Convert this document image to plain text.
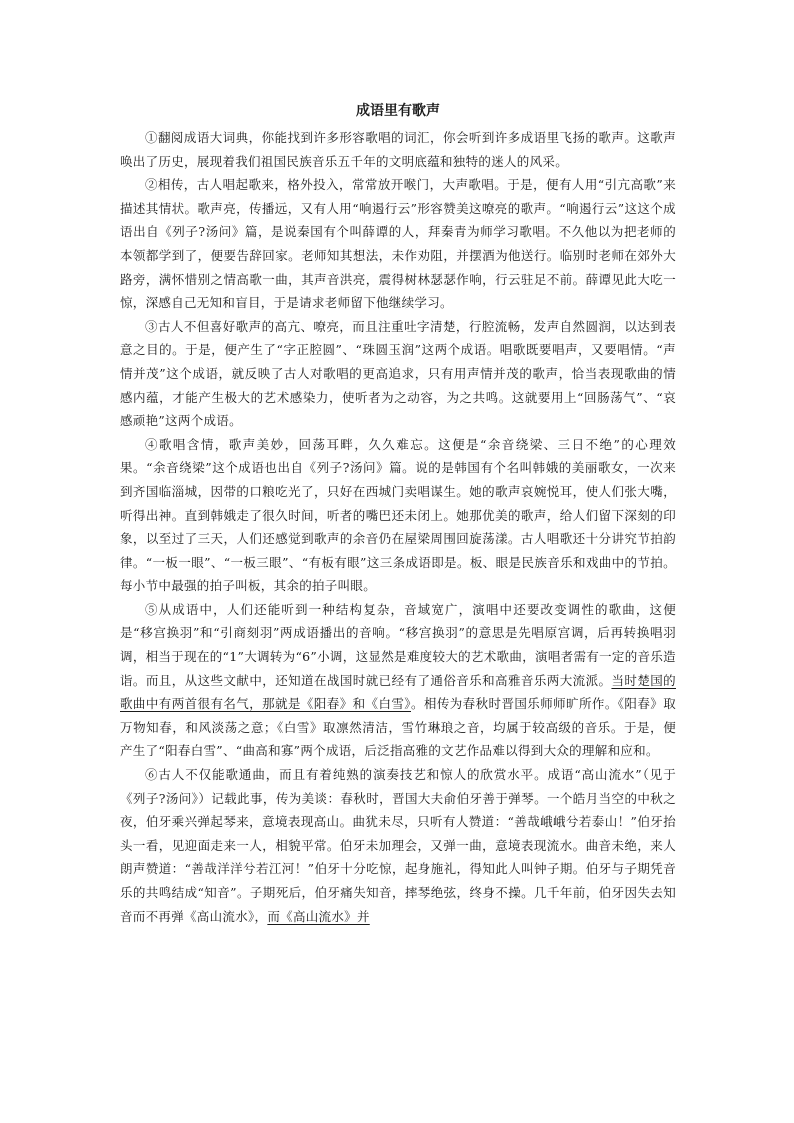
成语里有歌声

①翻阅成语大词典，你能找到许多形容歌唱的词汇，你会听到许多成语里飞扬的歌声。这歌声唤出了历史，展现着我们祖国民族音乐五千年的文明底蕴和独特的迷人的风采。

②相传，古人唱起歌来，格外投入，常常放开喉门，大声歌唱。于是，便有人用“引亢高歌”来描述其情状。歌声亮，传播远，又有人用“响遏行云”形容赞美这嘹亮的歌声。“响遏行云”这这个成语出自《列子?汤问》篇，是说秦国有个叫薛谭的人，拜秦青为师学习歌唱。不久他以为把老师的本领都学到了，便要告辞回家。老师知其想法，未作劝阻，并摆酒为他送行。临别时老师在郊外大路旁，满怀惜别之情高歌一曲，其声音洪亮，震得树林瑟瑟作响，行云驻足不前。薛谭见此大吃一惊，深感自己无知和盲目，于是请求老师留下他继续学习。

③古人不但喜好歌声的高亢、嘹亮，而且注重吐字清楚，行腔流畅，发声自然圆润，以达到表意之目的。于是，便产生了“字正腔圆”、“珠圆玉润”这两个成语。唱歌既要唱声，又要唱情。“声情并茂”这个成语，就反映了古人对歌唱的更高追求，只有用声情并茂的歌声，恰当表现歌曲的情感内蕴，才能产生极大的艺术感染力，使听者为之动容，为之共鸣。这就要用上“回肠荡气”、“哀感顽艳”这两个成语。

④歌唱含情，歌声美妙，回荡耳畔，久久难忘。这便是“余音绕梁、三日不绝”的心理效果。“余音绕梁”这个成语也出自《列子?汤问》篇。说的是韩国有个名叫韩娥的美丽歌女，一次来到齐国临淄城，因带的口粮吃光了，只好在西城门卖唱谋生。她的歌声哀婉悦耳，使人们张大嘴，听得出神。直到韩娥走了很久时间，听者的嘴巴还未闭上。她那优美的歌声，给人们留下深刻的印象，以至过了三天，人们还感觉到歌声的余音仍在屋梁周围回旋荡漾。古人唱歌还十分讲究节拍韵律。“一板一眼”、“一板三眼”、“有板有眼”这三条成语即是。板、眼是民族音乐和戏曲中的节拍。每小节中最强的拍子叫板，其余的拍子叫眼。

⑤从成语中，人们还能听到一种结构复杂，音域宽广，演唱中还要改变调性的歌曲，这便是“移宫换羽”和“引商刻羽”两成语播出的音响。“移宫换羽”的意思是先唱原宫调，后再转换唱羽调，相当于现在的“1”大调转为“6”小调，这显然是难度较大的艺术歌曲，演唱者需有一定的音乐造诣。而且，从这些文献中，还知道在战国时就已经有了通俗音乐和高雅音乐两大流派。当时楚国的歌曲中有两首很有名气，那就是《阳春》和《白雪》。相传为春秋时晋国乐师师旷所作。《阳春》取万物知春，和风淡荡之意；《白雪》取凛然清洁，雪竹琳琅之音，均属于较高级的音乐。于是，便产生了“阳春白雪”、“曲高和寡”两个成语，后泛指高雅的文艺作品难以得到大众的理解和应和。

⑥古人不仅能歌通曲，而且有着纯熟的演奏技艺和惊人的欣赏水平。成语“高山流水”（见于《列子?汤问》）记载此事，传为美谈：春秋时，晋国大夫俞伯牙善于弹琴。一个皓月当空的中秋之夜，伯牙乘兴弹起琴来，意境表现高山。曲犹未尽，只听有人赞道：“善哉峨峨兮若泰山！”伯牙抬头一看，见迎面走来一人，相貌平常。伯牙未加理会，又弹一曲，意境表现流水。曲音未绝，来人朗声赞道：“善哉洋洋兮若江河！”伯牙十分吃惊，起身施礼，得知此人叫钟子期。伯牙与子期凭音乐的共鸣结成“知音”。子期死后，伯牙痛失知音，摔琴绝弦，终身不操。几千年前，伯牙因失去知音而不再弹《高山流水》，而《高山流水》并
